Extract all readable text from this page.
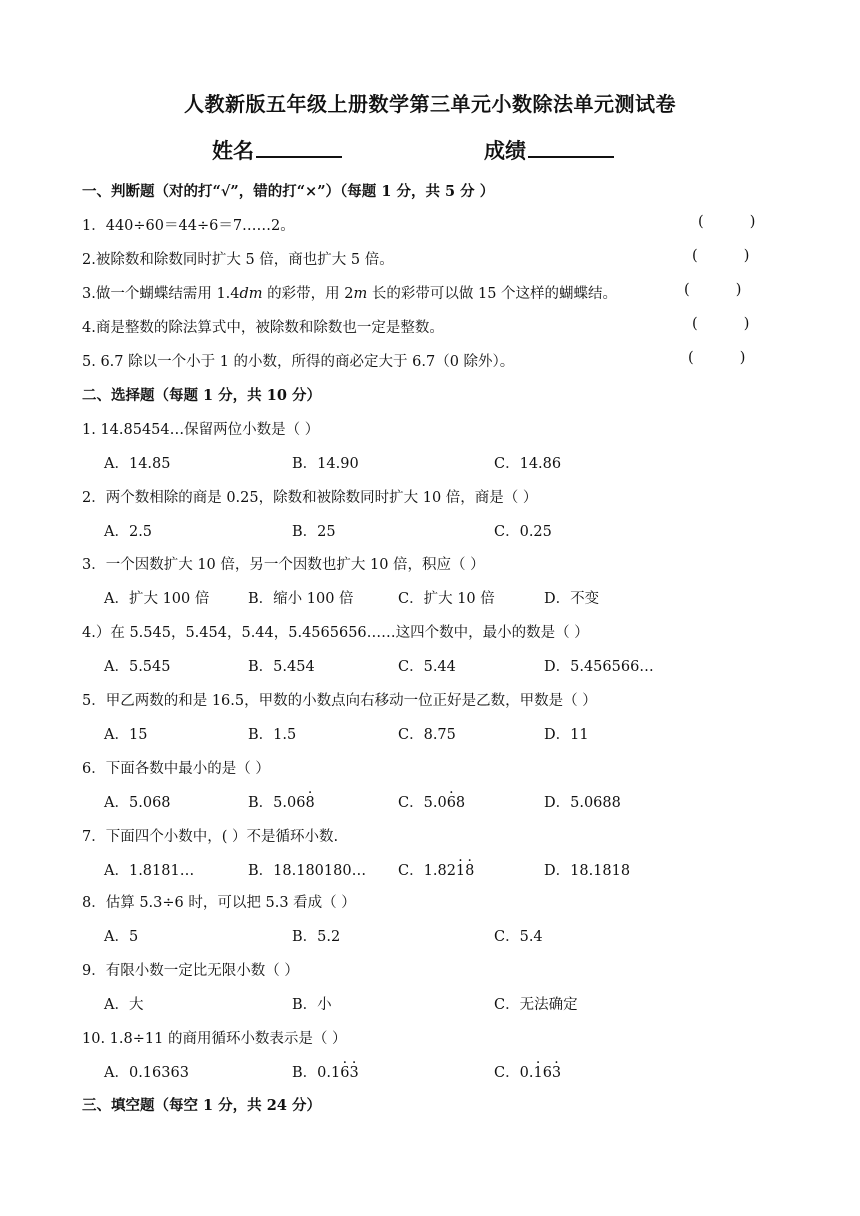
人教新版五年级上册数学第三单元小数除法单元测试卷
姓名	成绩
一、判断题（对的打“√”，错的打“×”）（每题 1 分，共 5 分 ）
1．440÷60＝44÷6＝7……2。	(          )
2.被除数和除数同时扩大 5 倍，商也扩大 5 倍。	(          )
3.做一个蝴蝶结需用 1.4dm 的彩带，用 2m 长的彩带可以做 15 个这样的蝴蝶结。	(          )
4.商是整数的除法算式中，被除数和除数也一定是整数。	(          )
5. 6.7 除以一个小于 1 的小数，所得的商必定大于 6.7（0 除外）。	(          )
二、选择题（每题 1 分，共 10 分）
1. 14.85454…保留两位小数是（ ）
A．14.85	B．14.90	C．14.86
2．两个数相除的商是 0.25，除数和被除数同时扩大 10 倍，商是（ ）
A．2.5	B．25	C．0.25
3．一个因数扩大 10 倍，另一个因数也扩大 10 倍，积应（ ）
A．扩大 100 倍	B．缩小 100 倍	C．扩大 10 倍	D．不变
4.）在 5.545，5.454，5.44，5.4565656……这四个数中，最小的数是（ ）
A．5.545	B．5.454	C．5.44	D．5.456566…
5．甲乙两数的和是 16.5，甲数的小数点向右移动一位正好是乙数，甲数是（ ）
A．15	B．1.5	C．8.75	D．11
6．下面各数中最小的是（ ）
A．5.068	B．5.06· 8	C．5.0· 68	D．5.0688
7．下面四个小数中，( ）不是循环小数.
A．1.8181…	B．18.180180… C．1.82· 1· 8	D．18.1818
8．估算 5.3÷6 时，可以把 5.3 看成（ ）
A．5	B．5.2	C．5.4
9．有限小数一定比无限小数（ ）
A．大	B．小	C．无法确定
10. 1.8÷11 的商用循环小数表示是（ ）
A．0.16363	B．0.1· 6· 3	C．0.· 16· 3
三、填空题（每空 1 分，共 24 分）
